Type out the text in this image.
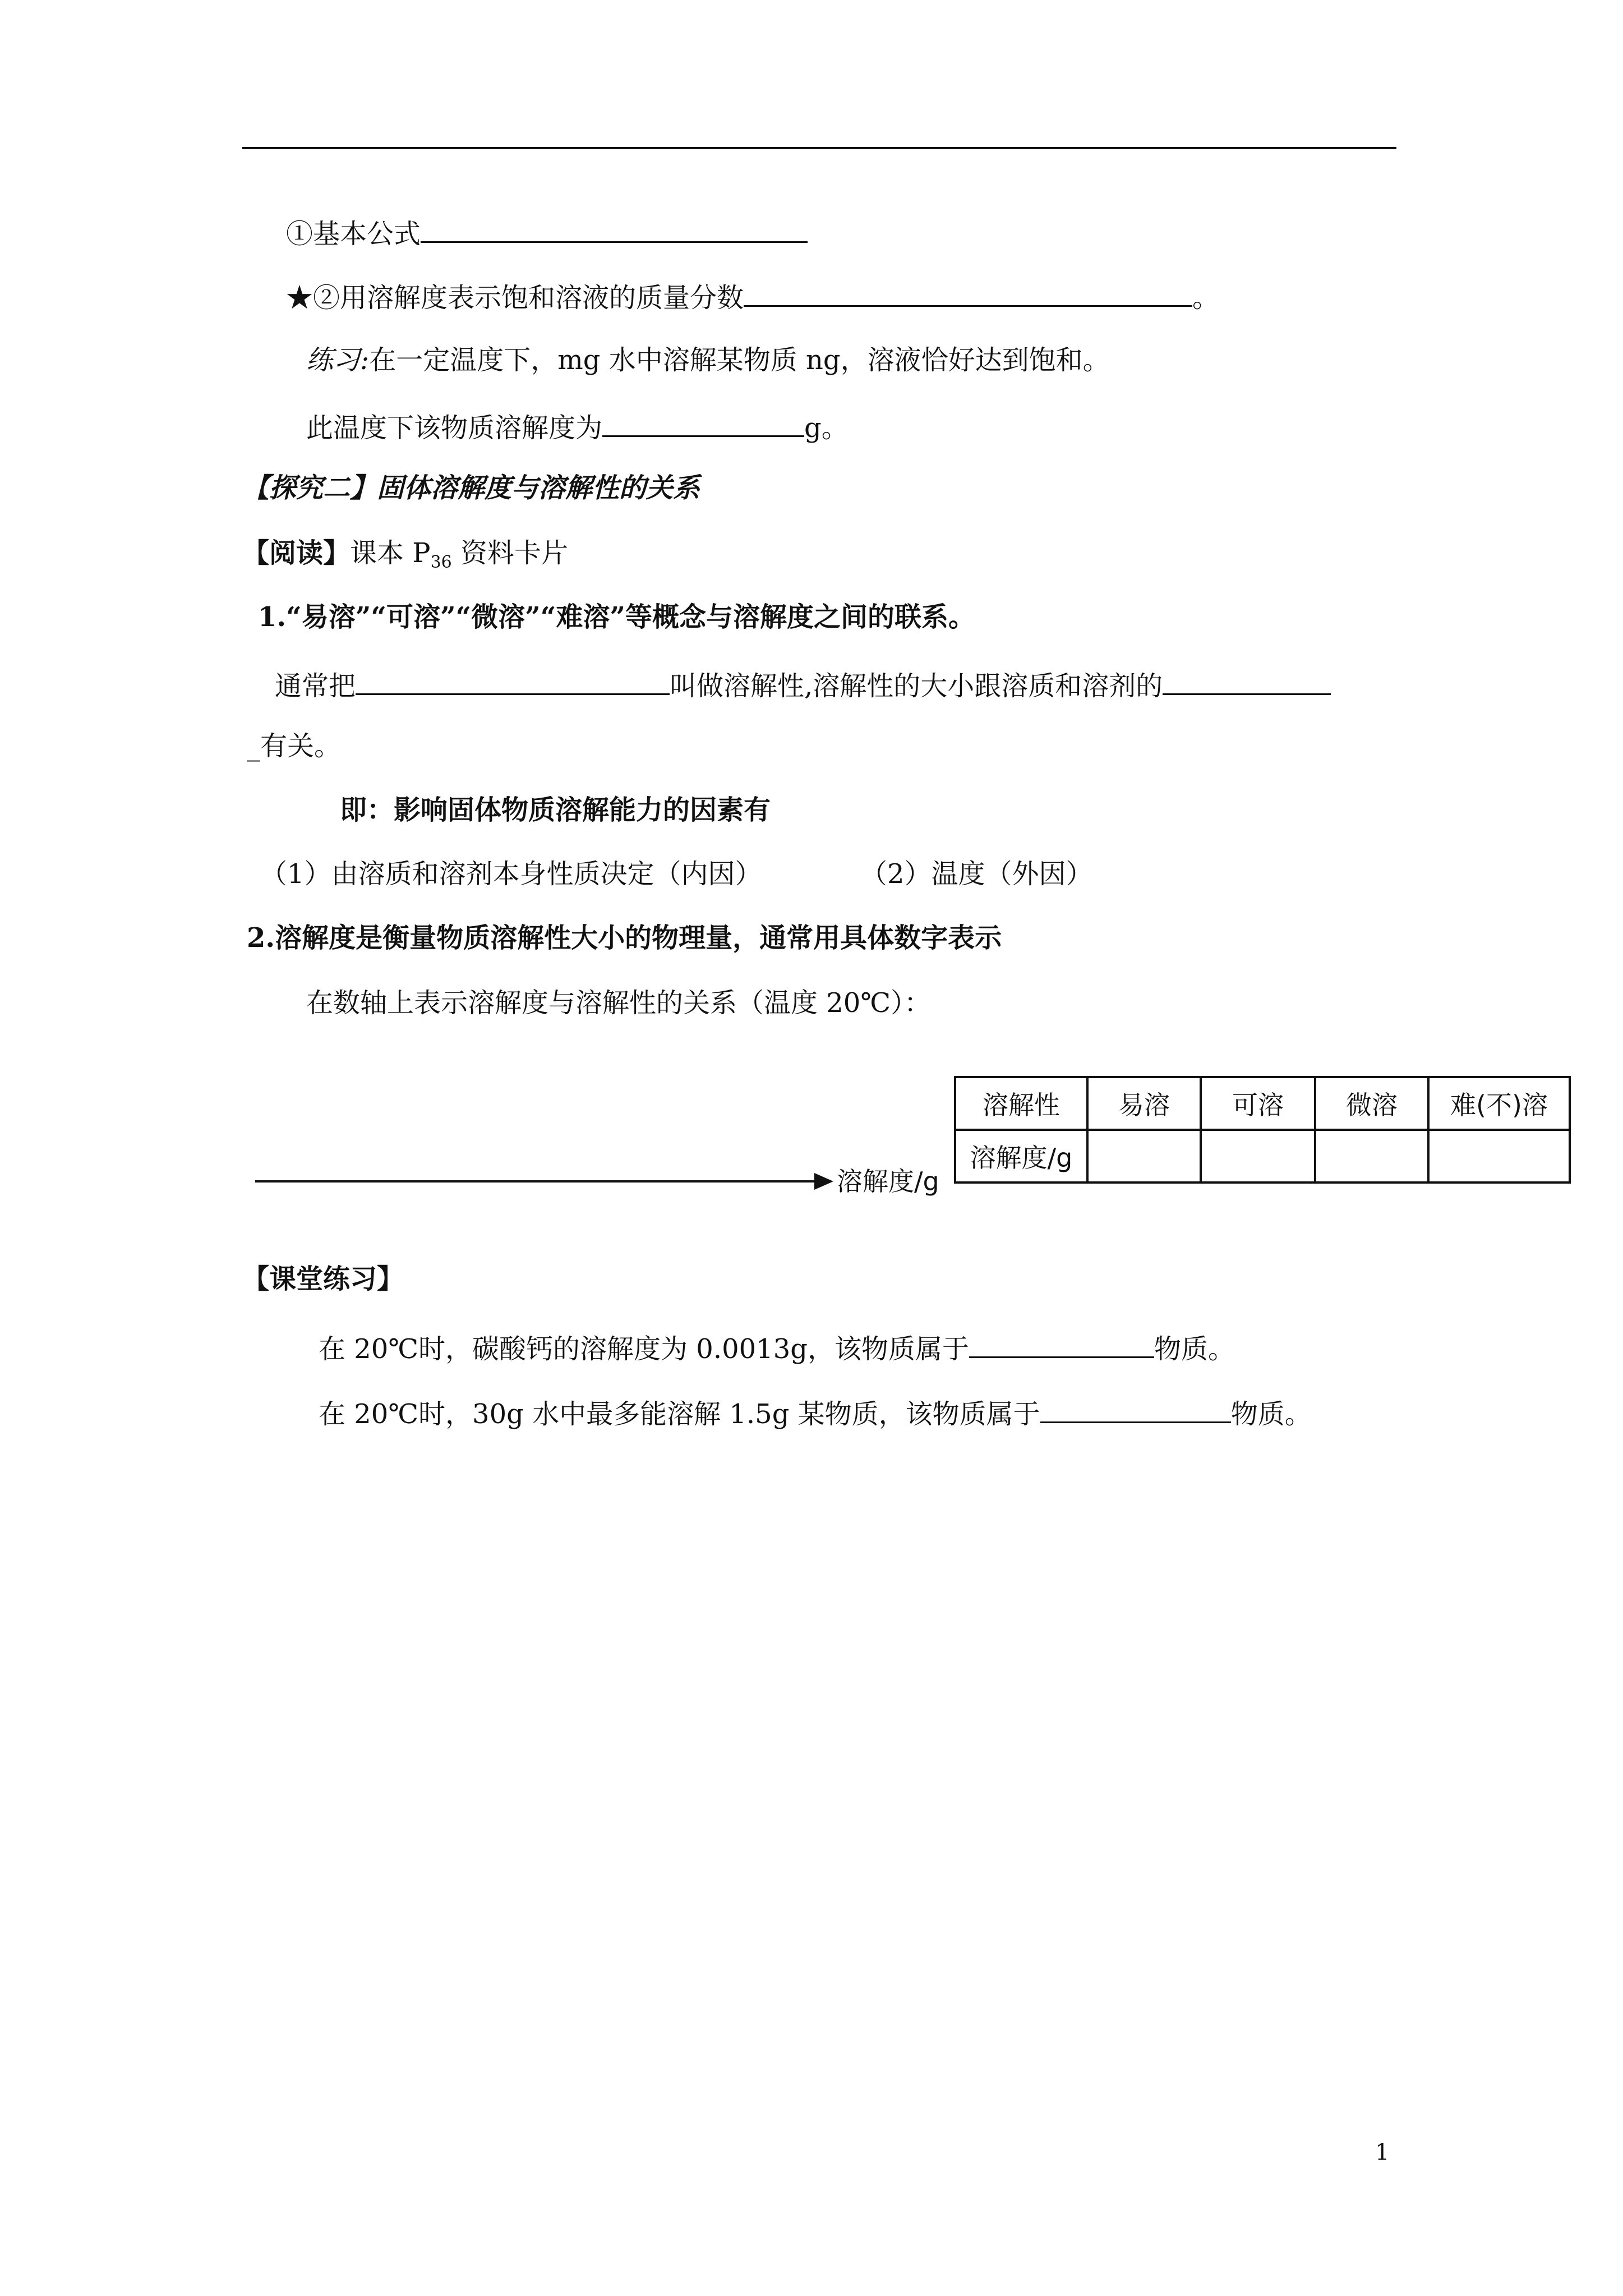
①基本公式
★②用溶解度表示饱和溶液的质量分数	。
练习:在一定温度下，mg 水中溶解某物质 ng，溶液恰好达到饱和。
此温度下该物质溶解度为	g。
【探究二】固体溶解度与溶解性的关系
【阅读】课本 $P_{36}$ 资料卡片
1.“易溶”“可溶”“微溶”“难溶”等概念与溶解度之间的联系。
通常把	叫做溶解性,溶解性的大小跟溶质和溶剂的
_有关。
即：影响固体物质溶解能力的因素有
（1）由溶质和溶剂本身性质决定（内因）	（2）温度（外因）
2.溶解度是衡量物质溶解性大小的物理量，通常用具体数字表示
在数轴上表示溶解度与溶解性的关系（温度 20℃）：
溶解度/g
溶解性	易溶	可溶	微溶	难(不)溶
溶解度/g				
【课堂练习】
在 20℃时，碳酸钙的溶解度为 0.0013g，该物质属于	物质。
在 20℃时，30g 水中最多能溶解 1.5g 某物质，该物质属于	物质。
1
